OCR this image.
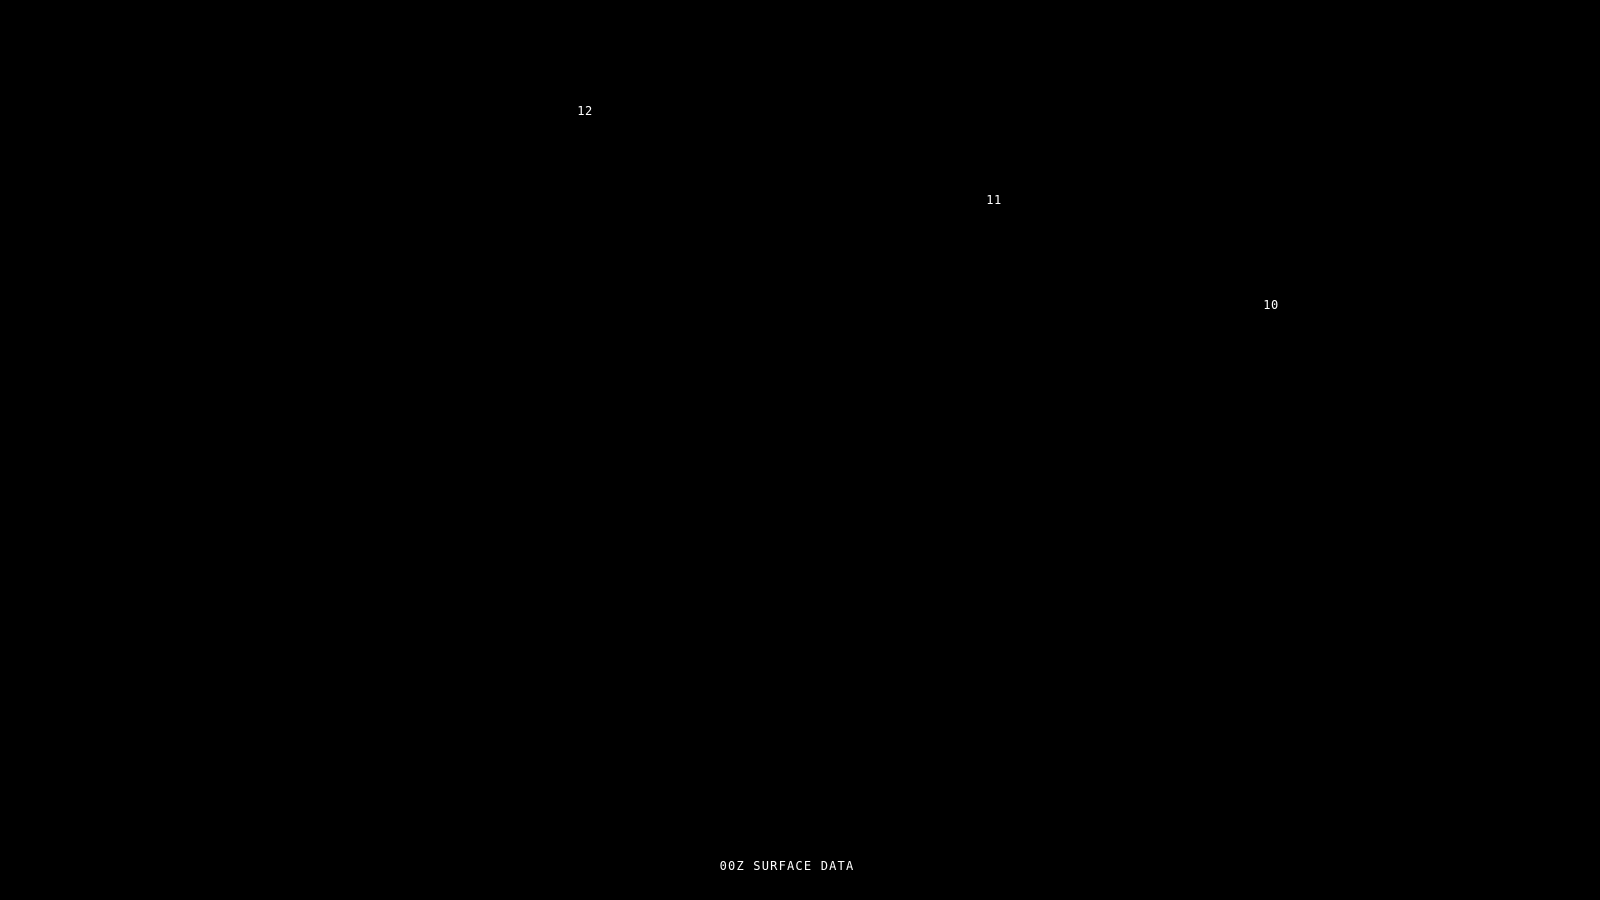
12
11
10
00Z SURFACE DATA
